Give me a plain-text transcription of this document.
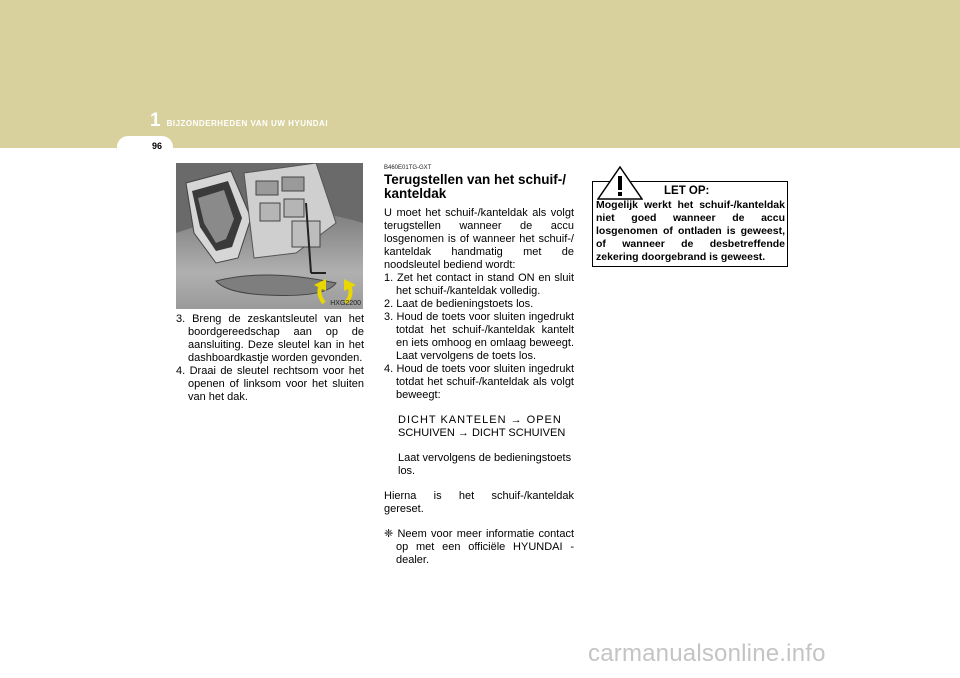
1 BIJZONDERHEDEN VAN UW HYUNDAI
96
HXG2200
3. Breng de zeskantsleutel van het boordgereedschap aan op de aansluiting. Deze sleutel kan in het dashboardkastje worden gevonden.
4. Draai de sleutel rechtsom voor het openen of linksom voor het sluiten van het dak.
B460E01TG-GXT
Terugstellen van het schuif-/ kanteldak

U moet het schuif-/kanteldak als volgt terugstellen wanneer de accu losgenomen is of wanneer het schuif-/ kanteldak handmatig met de noodsleutel bediend wordt:

1. Zet het contact in stand ON en sluit het schuif-/kanteldak volledig.
2. Laat de bedieningstoets los.
3. Houd de toets voor sluiten ingedrukt totdat het schuif-/kanteldak kantelt en iets omhoog en omlaag beweegt. Laat vervolgens de toets los.
4. Houd de toets voor sluiten ingedrukt totdat het schuif-/kanteldak als volgt beweegt:
DICHT KANTELEN → OPEN
SCHUIVEN → DICHT SCHUIVEN
Laat vervolgens de bedieningstoets los.

Hierna is het schuif-/kanteldak gereset.

❈ Neem voor meer informatie contact op met een officiële HYUNDAI - dealer.
LET OP:
Mogelijk werkt het schuif-/kanteldak niet goed wanneer de accu losgenomen of ontladen is geweest, of wanneer de desbetreffende zekering doorgebrand is geweest.
carmanualsonline.info
